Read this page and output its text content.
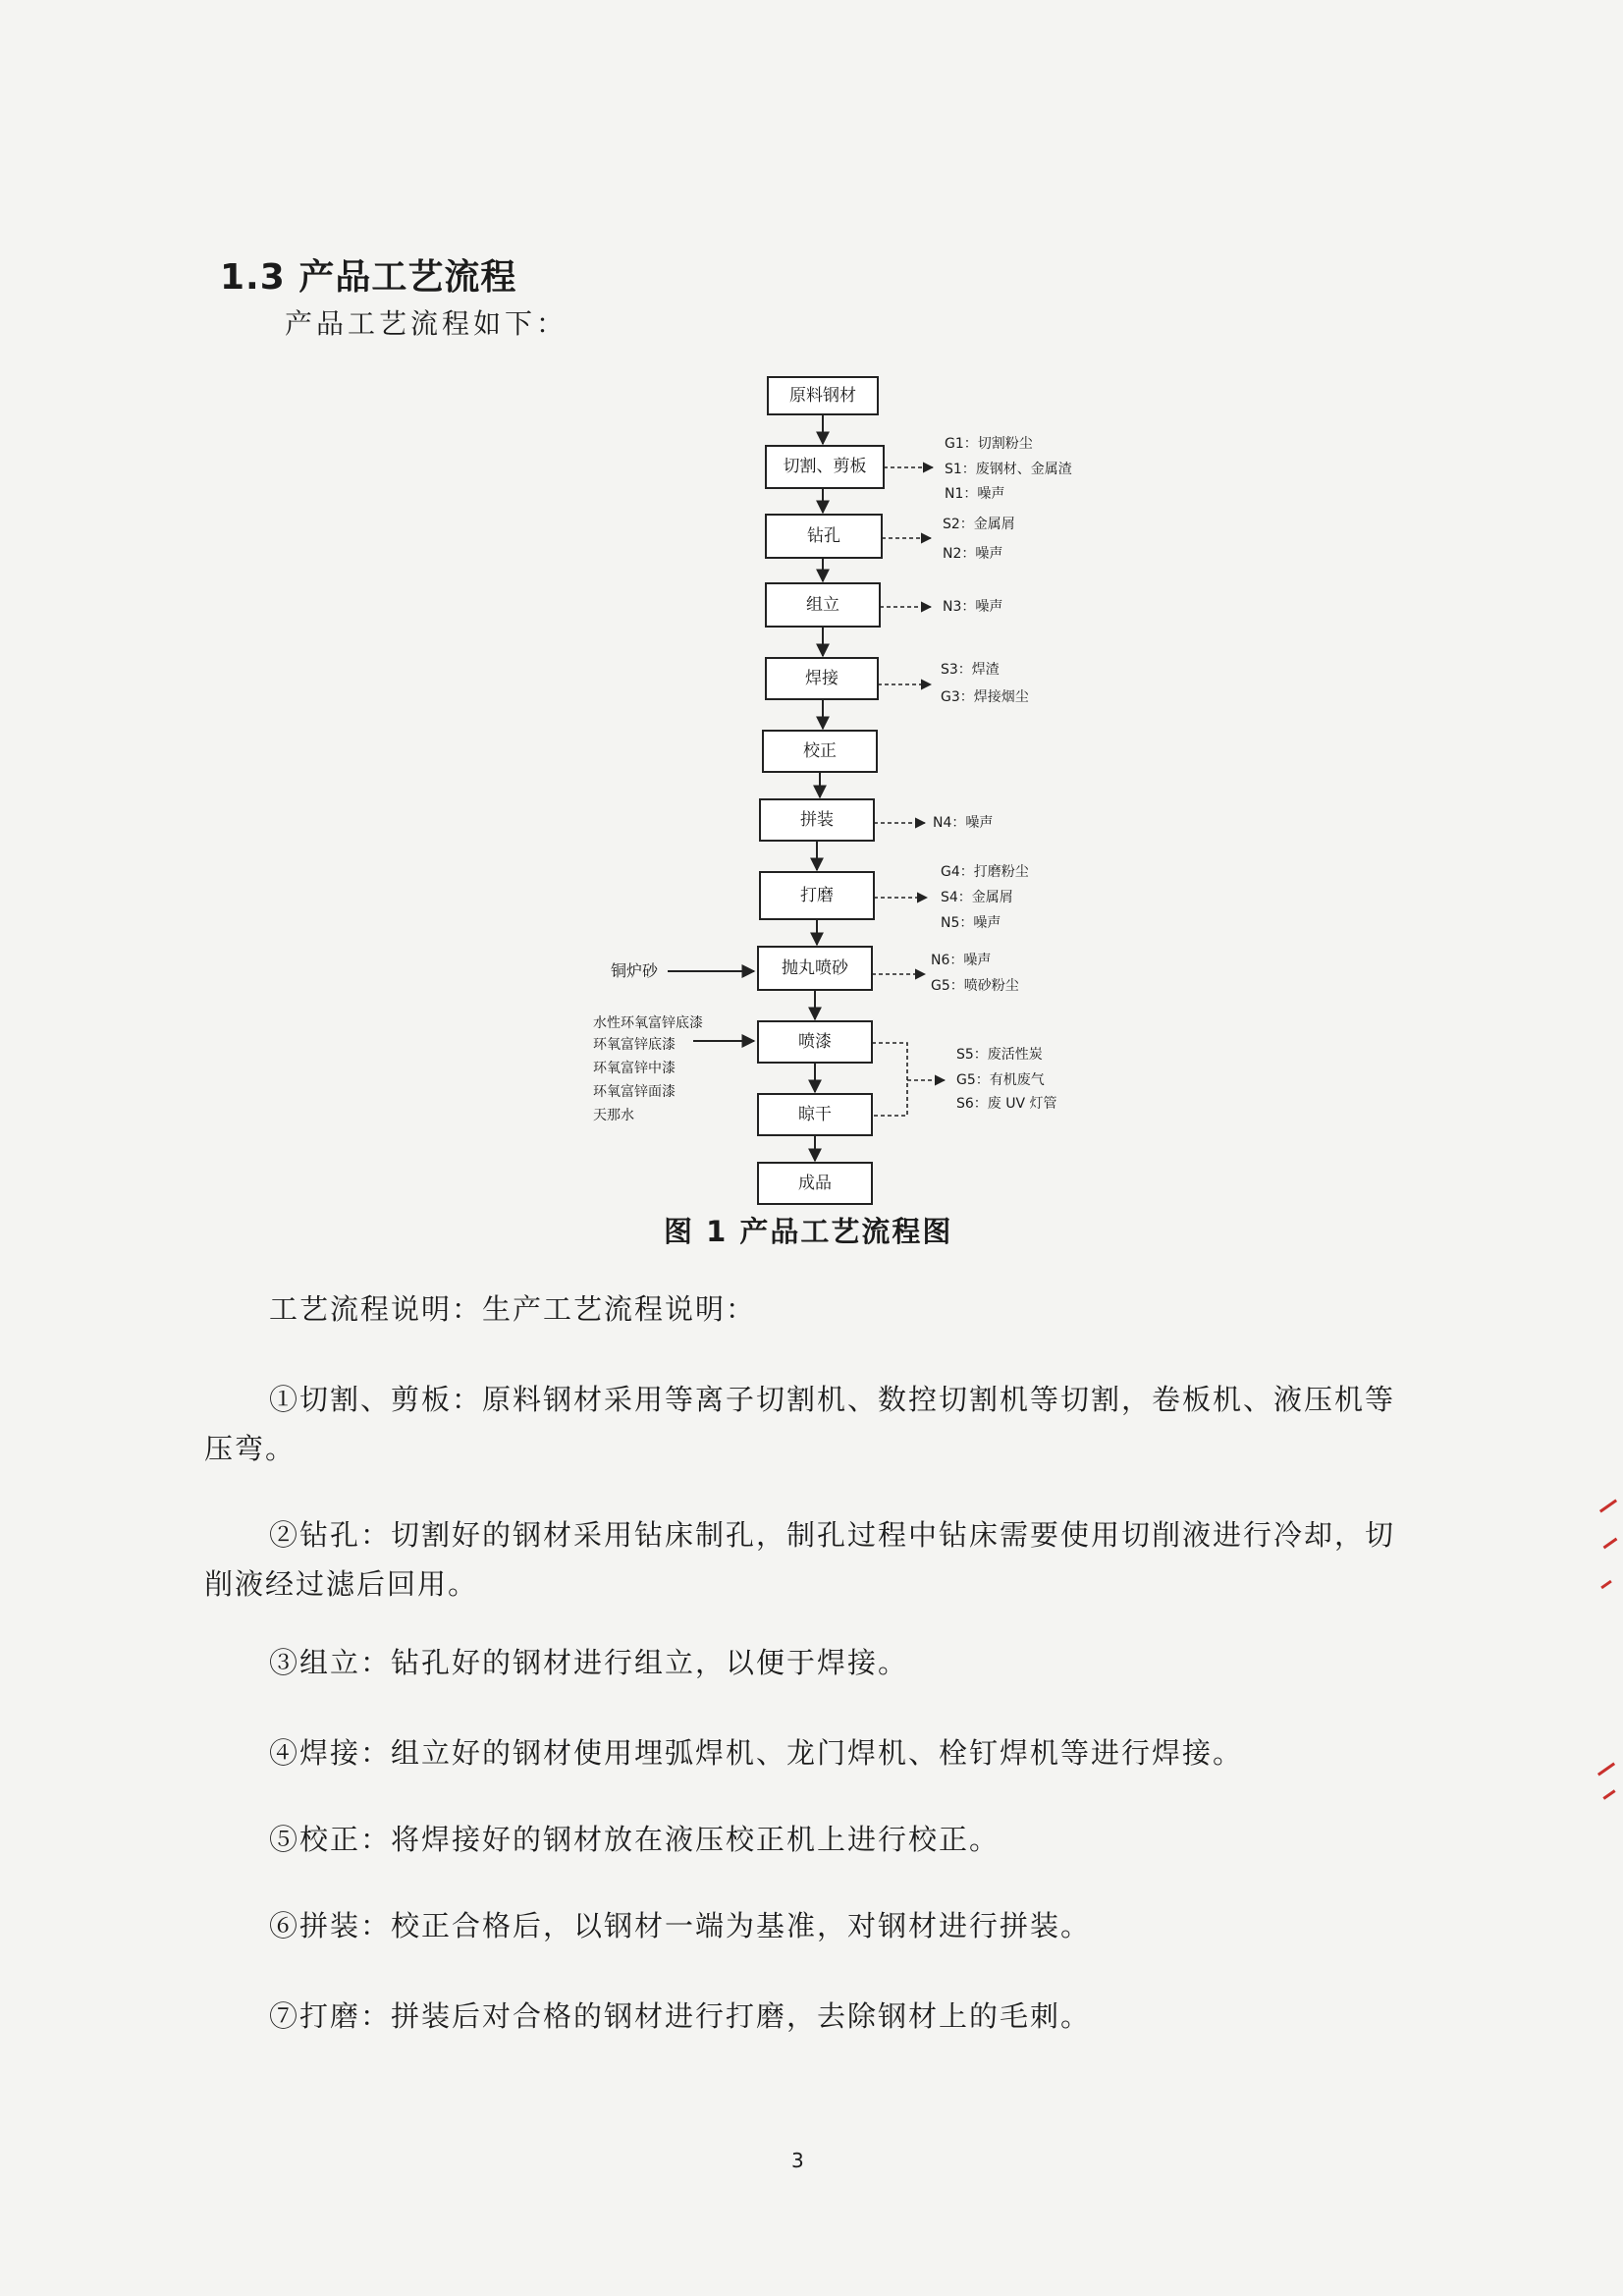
1.3 产品工艺流程

产品工艺流程如下：

原料钢材
切割、剪板
钻孔
组立
焊接
校正
拼装
打磨
抛丸喷砂
喷漆
晾干
成品
G1：切割粉尘
S1：废钢材、金属渣
N1：噪声
S2：金属屑
N2：噪声
N3：噪声
S3：焊渣
G3：焊接烟尘
N4：噪声
G4：打磨粉尘
S4：金属屑
N5：噪声
N6：噪声
G5：喷砂粉尘
S5：废活性炭
G5：有机废气
S6：废 UV 灯管
铜炉砂
水性环氧富锌底漆
环氧富锌底漆
环氧富锌中漆
环氧富锌面漆
天那水

图 1 产品工艺流程图

工艺流程说明：生产工艺流程说明：

①切割、剪板：原料钢材采用等离子切割机、数控切割机等切割，卷板机、液压机等压弯。

②钻孔：切割好的钢材采用钻床制孔，制孔过程中钻床需要使用切削液进行冷却，切削液经过滤后回用。

③组立：钻孔好的钢材进行组立，以便于焊接。

④焊接：组立好的钢材使用埋弧焊机、龙门焊机、栓钉焊机等进行焊接。

⑤校正：将焊接好的钢材放在液压校正机上进行校正。

⑥拼装：校正合格后，以钢材一端为基准，对钢材进行拼装。

⑦打磨：拼装后对合格的钢材进行打磨，去除钢材上的毛刺。

3
